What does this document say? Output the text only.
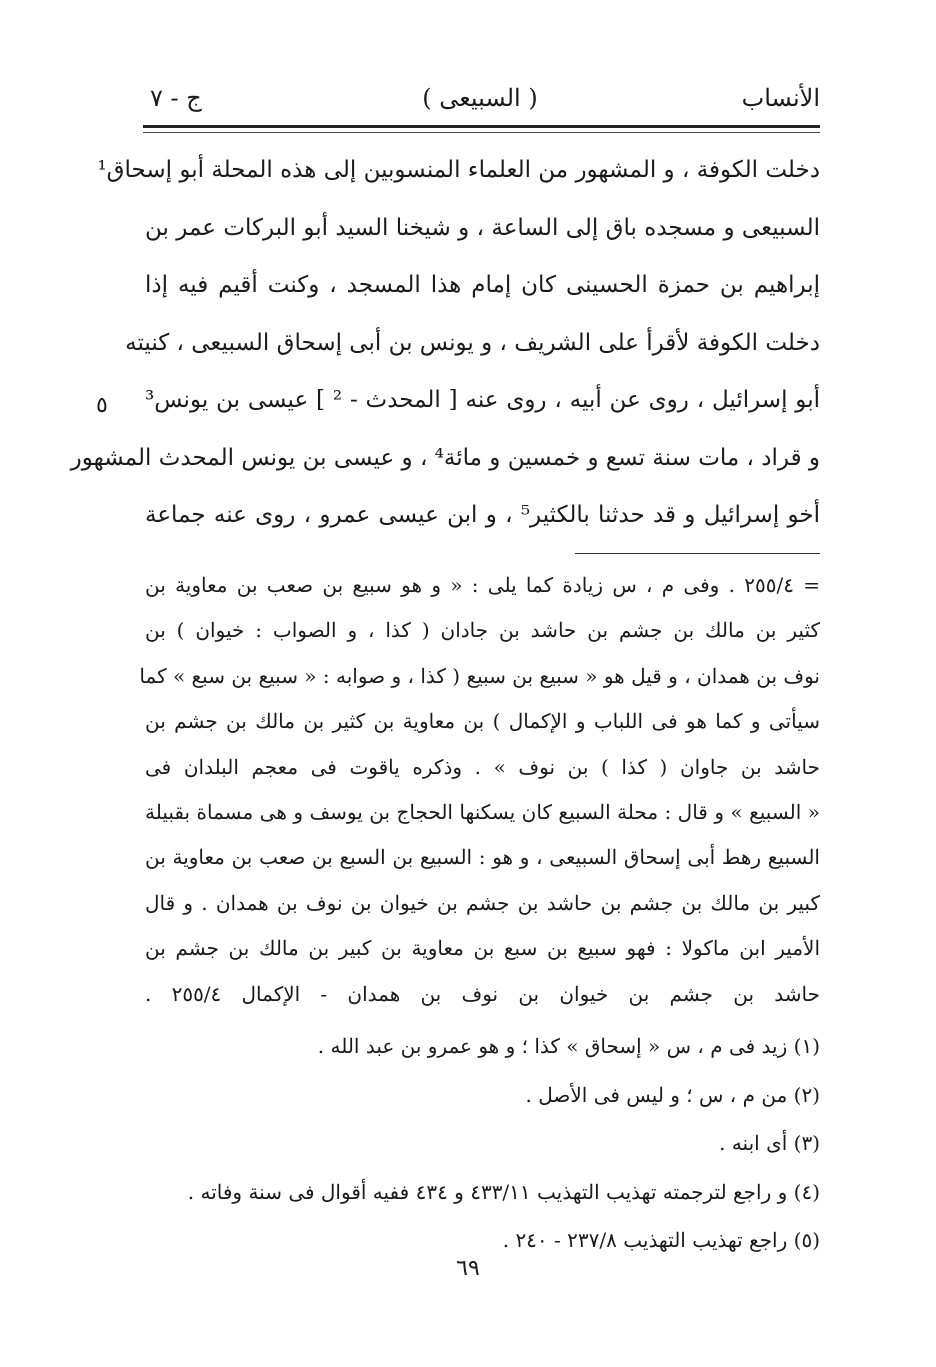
الأنساب
( السبيعى )
ج - ٧
دخلت الكوفة ، و المشهور من العلماء المنسوبين إلى هذه المحلة أبو إسحاق¹
السبيعى و مسجده باق إلى الساعة ، و شيخنا السيد أبو البركات عمر بن
إبراهيم بن حمزة الحسينى كان إمام هذا المسجد ، وكنت أقيم فيه إذا
دخلت الكوفة لأقرأ على الشريف ، و يونس بن أبى إسحاق السبيعى ، كنيته
أبو إسرائيل ، روى عن أبيه ، روى عنه [ المحدث - ² ] عيسى بن يونس³
و قراد ، مات سنة تسع و خمسين و مائة⁴ ، و عيسى بن يونس المحدث المشهور
أخو إسرائيل و قد حدثنا بالكثير⁵ ، و ابن عيسى عمرو ، روى عنه جماعة
٥
= ٢٥٥/٤ . وفى م ، س زيادة كما يلى : « و هو سبيع بن صعب بن معاوية بن
كثير بن مالك بن جشم بن حاشد بن جادان ( كذا ، و الصواب : خيوان ) بن
نوف بن همدان ، و قيل هو « سبيع بن سبيع ( كذا ، و صوابه : « سبيع بن سبع » كما
سيأتى و كما هو فى اللباب و الإكمال ) بن معاوية بن كثير بن مالك بن جشم بن
حاشد بن جاوان ( كذا ) بن نوف » . وذكره ياقوت فى معجم البلدان فى
« السبيع » و قال : محلة السبيع كان يسكنها الحجاج بن يوسف و هى مسماة بقبيلة
السبيع رهط أبى إسحاق السبيعى ، و هو : السبيع بن السبع بن صعب بن معاوية بن
كبير بن مالك بن جشم بن حاشد بن جشم بن خيوان بن نوف بن همدان . و قال
الأمير ابن ماكولا : فهو سبيع بن سبع بن معاوية بن كبير بن مالك بن جشم بن
حاشد بن جشم بن خيوان بن نوف بن همدان - الإكمال ٢٥٥/٤ .
(١) زيد فى م ، س « إسحاق » كذا ؛ و هو عمرو بن عبد الله .
(٢) من م ، س ؛ و ليس فى الأصل .
(٣) أى ابنه .
(٤) و راجع لترجمته تهذيب التهذيب ٤٣٣/١١ و ٤٣٤ ففيه أقوال فى سنة وفاته .
(٥) راجع تهذيب التهذيب ٢٣٧/٨ - ٢٤٠ .
٦٩
